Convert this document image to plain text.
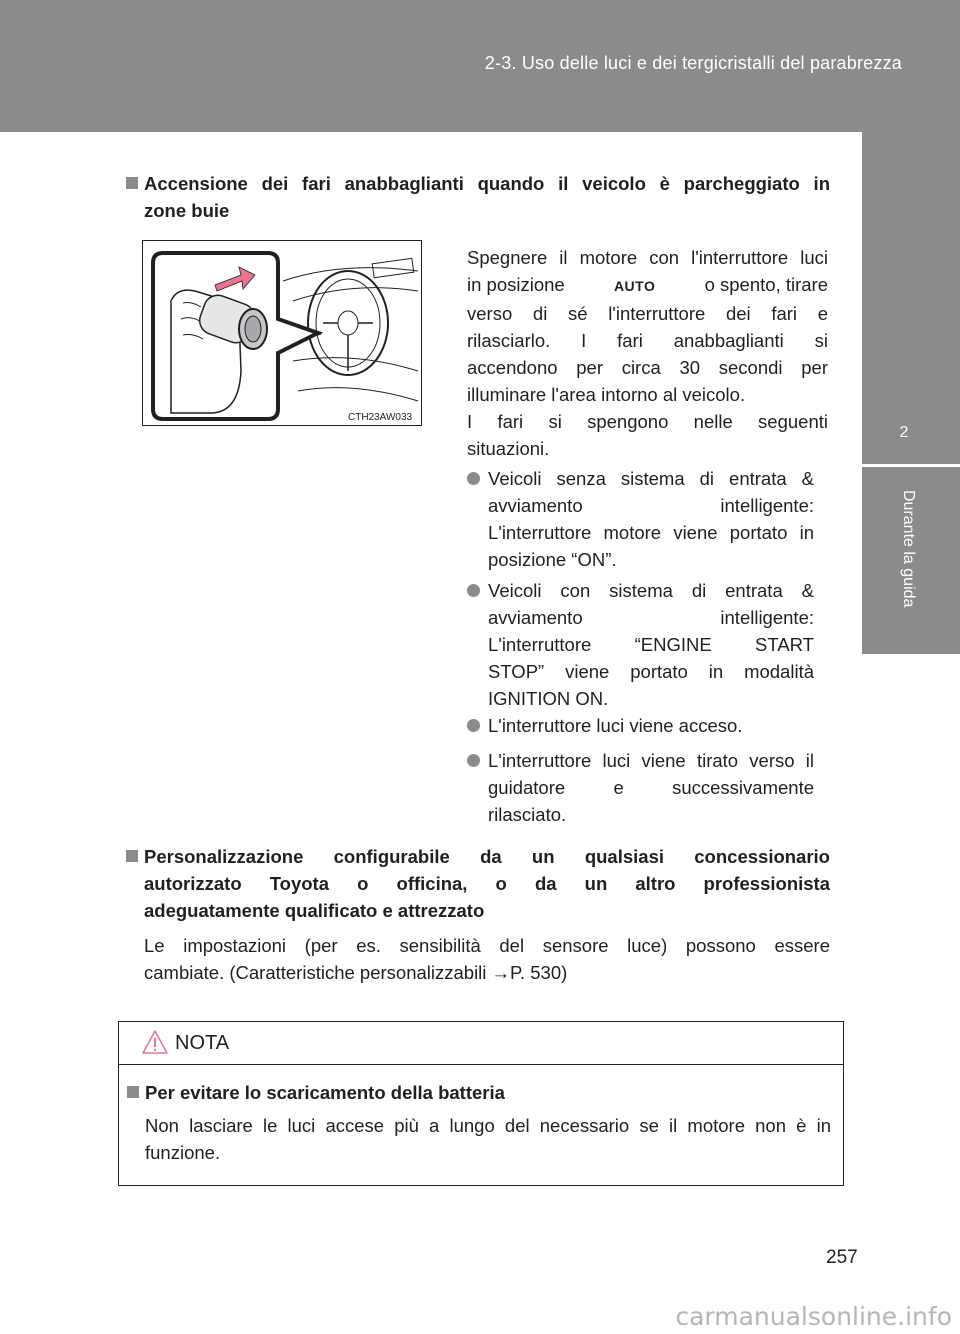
2-3. Uso delle luci e dei tergicristalli del parabrezza
2
Durante la guida
Accensione dei fari anabbaglianti quando il veicolo è parcheggiato in
zone buie
CTH23AW033
Spegnere il motore con l'interruttore luci
in posizione	AUTO	o spento, tirare
verso di sé l'interruttore dei fari e
rilasciarlo. I fari anabbaglianti si
accendono per circa 30 secondi per
illuminare l'area intorno al veicolo.
I fari si spengono nelle seguenti
situazioni.
Veicoli senza sistema di entrata &
avviamento intelligente:
L'interruttore motore viene portato in
posizione “ON”.
Veicoli con sistema di entrata &
avviamento intelligente:
L'interruttore “ENGINE START
STOP” viene portato in modalità
IGNITION ON.
L'interruttore luci viene acceso.
L'interruttore luci viene tirato verso il
guidatore e successivamente
rilasciato.
Personalizzazione configurabile da un qualsiasi concessionario
autorizzato Toyota o officina, o da un altro professionista
adeguatamente qualificato e attrezzato
Le impostazioni (per es. sensibilità del sensore luce) possono essere
cambiate. (Caratteristiche personalizzabili →P. 530)
NOTA
Per evitare lo scaricamento della batteria
Non lasciare le luci accese più a lungo del necessario se il motore non è in
funzione.
257
carmanualsonline.info
